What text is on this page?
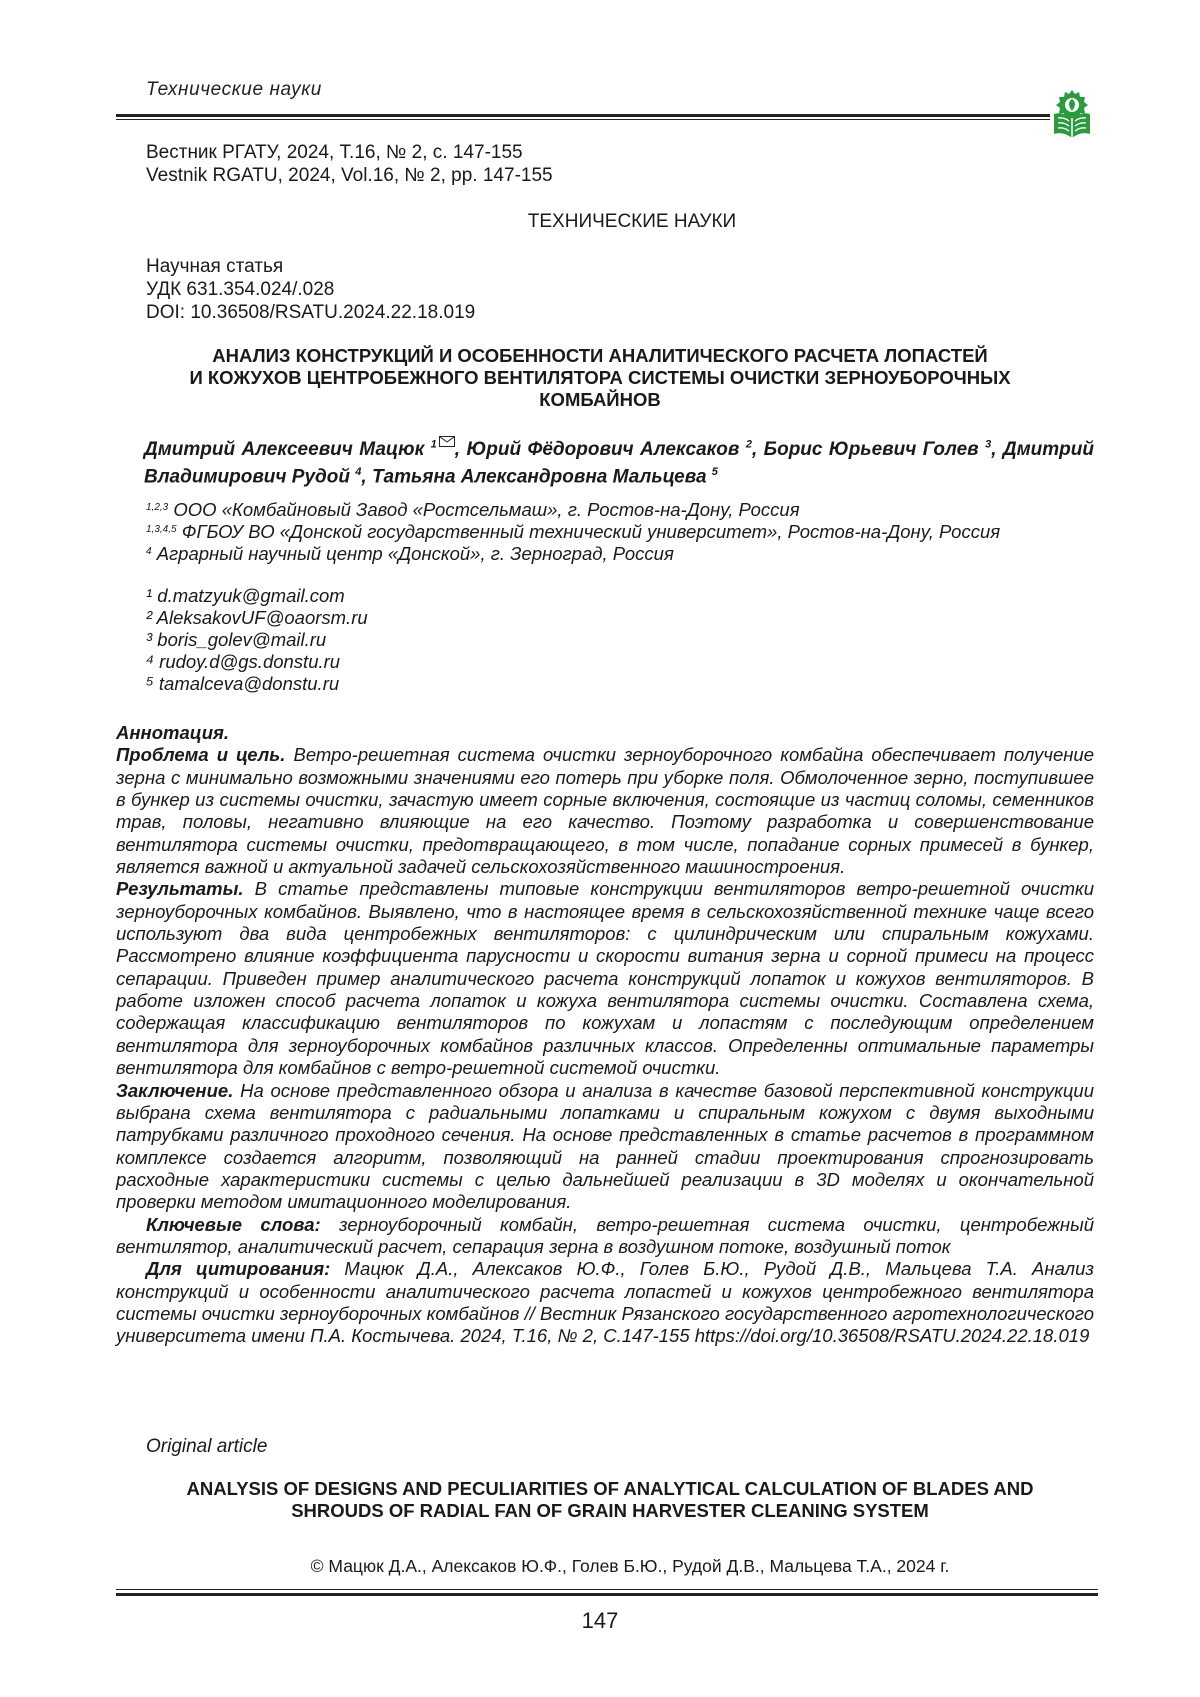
Технические науки
Вестник РГАТУ, 2024, Т.16, № 2, с. 147-155
Vestnik RGATU, 2024, Vol.16, № 2, pp. 147-155
ТЕХНИЧЕСКИЕ НАУКИ
Научная статья
УДК 631.354.024/.028
DOI: 10.36508/RSATU.2024.22.18.019
АНАЛИЗ КОНСТРУКЦИЙ И ОСОБЕННОСТИ АНАЛИТИЧЕСКОГО РАСЧЕТА ЛОПАСТЕЙ
И КОЖУХОВ ЦЕНТРОБЕЖНОГО ВЕНТИЛЯТОРА СИСТЕМЫ ОЧИСТКИ ЗЕРНОУБОРОЧНЫХ
КОМБАЙНОВ
Дмитрий Алексеевич Мацюк $^1$ , Юрий Фёдорович Алексаков $^2$, Борис Юрьевич Голев $^3$, Дмитрий Владимирович Рудой $^4$, Татьяна Александровна Мальцева $^5$
$^{1,2,3}$ ООО «Комбайновый Завод «Ростсельмаш», г. Ростов-на-Дону, Россия
$^{1,3,4,5}$ ФГБОУ ВО «Донской государственный технический университет», Ростов-на-Дону, Россия
$^4$ Аграрный научный центр «Донской», г. Зерноград, Россия
¹ d.matzyuk@gmail.com
² AleksakovUF@oaorsm.ru
³ boris_golev@mail.ru
⁴ rudoy.d@gs.donstu.ru
⁵ tamalceva@donstu.ru

Аннотация.

Проблема и цель. Ветро-решетная система очистки зерноуборочного комбайна обеспечивает получение зерна с минимально возможными значениями его потерь при уборке поля. Обмолоченное зерно, поступившее в бункер из системы очистки, зачастую имеет сорные включения, состоящие из частиц соломы, семенников трав, половы, негативно влияющие на его качество. Поэтому разработка и совершенствование вентилятора системы очистки, предотвращающего, в том числе, попадание сорных примесей в бункер, является важной и актуальной задачей сельскохозяйственного машиностроения.

Результаты. В статье представлены типовые конструкции вентиляторов ветро-решетной очистки зерноуборочных комбайнов. Выявлено, что в настоящее время в сельскохозяйственной технике чаще всего используют два вида центробежных вентиляторов: с цилиндрическим или спиральным кожухами. Рассмотрено влияние коэффициента парусности и скорости витания зерна и сорной примеси на процесс сепарации. Приведен пример аналитического расчета конструкций лопаток и кожухов вентиляторов. В работе изложен способ расчета лопаток и кожуха вентилятора системы очистки. Составлена схема, содержащая классификацию вентиляторов по кожухам и лопастям с последующим определением вентилятора для зерноуборочных комбайнов различных классов. Определенны оптимальные параметры вентилятора для комбайнов с ветро-решетной системой очистки.

Заключение. На основе представленного обзора и анализа в качестве базовой перспективной конструкции выбрана схема вентилятора с радиальными лопатками и спиральным кожухом с двумя выходными патрубками различного проходного сечения. На основе представленных в статье расчетов в программном комплексе создается алгоритм, позволяющий на ранней стадии проектирования спрогнозировать расходные характеристики системы с целью дальнейшей реализации в 3D моделях и окончательной проверки методом имитационного моделирования.

Ключевые слова: зерноуборочный комбайн, ветро-решетная система очистки, центробежный вентилятор, аналитический расчет, сепарация зерна в воздушном потоке, воздушный поток

Для цитирования: Мацюк Д.А., Алексаков Ю.Ф., Голев Б.Ю., Рудой Д.В., Мальцева Т.А. Анализ конструкций и особенности аналитического расчета лопастей и кожухов центробежного вентилятора системы очистки зерноуборочных комбайнов // Вестник Рязанского государственного агротехнологического университета имени П.А. Костычева. 2024, Т.16, № 2, С.147-155 https://doi.org/10.36508/RSATU.2024.22.18.019

Original article
ANALYSIS OF DESIGNS AND PECULIARITIES OF ANALYTICAL CALCULATION OF BLADES AND
SHROUDS OF RADIAL FAN OF GRAIN HARVESTER CLEANING SYSTEM
© Мацюк Д.А., Алексаков Ю.Ф., Голев Б.Ю., Рудой Д.В., Мальцева Т.А., 2024 г.
147
